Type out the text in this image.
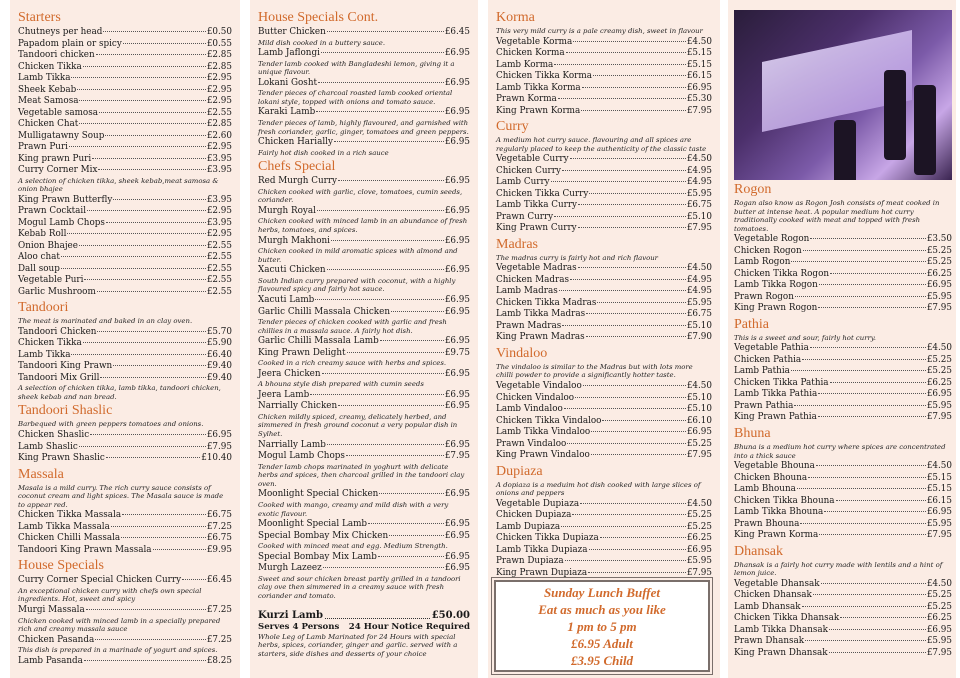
Starters
Chutneys per head	£0.50
Papadom plain or spicy	£0.55
Tandoori chicken	£2.85
Chicken Tikka	£2.85
Lamb Tikka	£2.95
Sheek Kebab	£2.95
Meat Samosa	£2.95
Vegetable samosa	£2.55
Chicken Chat	£2.85
Mulligatawny Soup	£2.60
Prawn Puri	£2.95
King prawn Puri	£3.95
Curry Corner Mix	£3.95
A selection of chicken tikka, sheek kebab,meat samosa & onion bhajee
King Prawn Butterfly	£3.95
Prawn Cocktail	£2.95
Mogul Lamb Chops	£3.95
Kebab Roll	£2.95
Onion Bhajee	£2.55
Aloo chat	£2.55
Dall soup	£2.55
Vegetable Puri	£2.55
Garlic Mushroom	£2.55
Tandoori
The meat is marinated and baked in an clay oven.
Tandoori Chicken	£5.70
Chicken Tikka	£5.90
Lamb Tikka	£6.40
Tandoori King Prawn	£9.40
Tandoori Mix Grill	£9.40
A selection of chicken tikka, lamb tikka, tandoori chicken, sheek kebab and nan bread.
Tandoori Shaslic
Barbequed with green peppers tomatoes and onions.
Chicken Shaslic	£6.95
Lamb Shaslic	£7.95
King Prawn Shaslic	£10.40
Massala
Masala is a mild curry. The rich curry sauce consists of coconut cream and light spices. The Masala sauce is made to appear red.
Chicken Tikka Massala	£6.75
Lamb Tikka Massala	£7.25
Chicken Chilli Massala	£6.75
Tandoori King Prawn Massala	£9.95
House Specials
Curry Corner Special Chicken Curry	£6.45
An exceptional chicken curry with chefs own special ingredients. Hot, sweet and spicy
Murgi Massala	£7.25
Chicken cooked with minced lamb in a specially prepared rich and creamy massala sauce
Chicken Pasanda	£7.25
This dish is prepared in a marinade of yogurt and spices.
Lamb Pasanda	£8.25
House Specials Cont.
Butter Chicken	£6.45
Mild dish cooked in a buttery sauce.
Lamb Jaflongi	£6.95
Tender lamb cooked with Bangladeshi lemon, giving it a unique flavour.
Lokani Gosht	£6.95
Tender pieces of charcoal roasted lamb cooked oriental lokani style, topped with onions and tomato sauce.
Karaki Lamb	£6.95
Tender pieces of lamb, highly flavoured, and garnished with fresh coriander, garlic, ginger, tomatoes and green peppers.
Chicken Harially	£6.95
Fairly hot dish cooked in a rich sauce
Chefs Special
Red Murgh Curry	£6.95
Chicken cooked with garlic, clove, tomatoes, cumin seeds, coriander.
Murgh Royal	£6.95
Chicken cooked with minced lamb in an abundance of fresh herbs, tomatoes, and spices.
Murgh Makhoni	£6.95
Chicken cooked in mild aromatic spices with almond and butter.
Xacuti Chicken	£6.95
South Indian curry prepared with coconut, with a highly flavoured spicy and fairly hot sauce.
Xacuti Lamb	£6.95
Garlic Chilli Massala Chicken	£6.95
Tender pieces of chicken cooked with garlic and fresh chillies in a massala sauce. A fairly hot dish.
Garlic Chilli Massala Lamb	£6.95
King Prawn Delight	£9.75
Cooked in a rich creamy sauce with herbs and spices.
Jeera Chicken	£6.95
A bhouna style dish prepared with cumin seeds
Jeera Lamb	£6.95
Narrially Chicken	£6.95
Chicken mildly spiced, creamy, delicately herbed, and simmered in fresh ground coconut a very popular dish in Sylhet.
Narrially Lamb	£6.95
Mogul Lamb Chops	£7.95
Tender lamb chops marinated in yoghurt with delicate herbs and spices, then charcoal grilled in the tandoori clay oven.
Moonlight Special Chicken	£6.95
Cooked with mango, creamy and mild dish with a very exotic flavour.
Moonlight Special Lamb	£6.95
Special Bombay Mix Chicken	£6.95
Cooked with minced meat and egg. Medium Strength.
Special Bombay Mix Lamb	£6.95
Murgh Lazeez	£6.95
Sweet and sour chicken breast partly grilled in a tandoori clay ove then simmered in a creamy sauce with fresh coriander and tomato.
Kurzi Lamb	£50.00
Serves 4 Persons 24 Hour Notice Required
Whole Leg of Lamb Marinated for 24 Hours with special herbs, spices, coriander, ginger and garlic. served with a starters, side dishes and desserts of your choice
Korma
This very mild curry is a pale creamy dish, sweet in flavour
Vegetable Korma	£4.50
Chicken Korma	£5.15
Lamb Korma	£5.15
Chicken Tikka Korma	£6.15
Lamb Tikka Korma	£6.95
Prawn Korma	£5.30
King Prawn Korma	£7.95
Curry
A medium hot curry sauce. flavouring and all spices are regularly placed to keep the authenticity of the classic taste
Vegetable Curry	£4.50
Chicken Curry	£4.95
Lamb Curry	£4.95
Chicken Tikka Curry	£5.95
Lamb Tikka Curry	£6.75
Prawn Curry	£5.10
King Prawn Curry	£7.95
Madras
The madras curry is fairly hot and rich flavour
Vegetable Madras	£4.50
Chicken Madras	£4.95
Lamb Madras	£4.95
Chicken Tikka Madras	£5.95
Lamb Tikka Madras	£6.75
Prawn Madras	£5.10
King Prawn Madras	£7.90
Vindaloo
The vindaloo is similar to the Madras but with lots more chilli powder to provide a significantly hotter taste.
Vegetable Vindaloo	£4.50
Chicken Vindaloo	£5.10
Lamb Vindaloo	£5.10
Chicken Tikka Vindaloo	£6.10
Lamb Tikka Vindaloo	£6.95
Prawn Vindaloo	£5.25
King Prawn Vindaloo	£7.95
Dupiaza
A dopiaza is a meduim hot dish cooked with large slices of onions and peppers
Vegetable Dupiaza	£4.50
Chicken Dupiaza	£5.25
Lamb Dupiaza	£5.25
Chicken Tikka Dupiaza	£6.25
Lamb Tikka Dupiaza	£6.95
Prawn Dupiaza	£5.95
King Prawn Dupiaza	£7.95
Sunday Lunch Buffet
Eat as much as you like
1 pm to 5 pm
£6.95 Adult
£3.95 Child
Rogon
Rogan also know as Rogon Josh consists of meat cooked in butter at intense heat. A popular medium hot curry traditionally cooked with meat and topped with fresh tomatoes.
Vegetable Rogon	£3.50
Chicken Rogon	£5.25
Lamb Rogon	£5.25
Chicken Tikka Rogon	£6.25
Lamb Tikka Rogon	£6.95
Prawn Rogon	£5.95
King Prawn Rogon	£7.95
Pathia
This is a sweet and sour, fairly hot curry.
Vegetable Pathia	£4.50
Chicken Pathia	£5.25
Lamb Pathia	£5.25
Chicken Tikka Pathia	£6.25
Lamb Tikka Pathia	£6.95
Prawn Pathia	£5.95
King Prawn Pathia	£7.95
Bhuna
Bhuna is a medium hot curry where spices are concentrated into a thick sauce
Vegetable Bhouna	£4.50
Chicken Bhouna	£5.15
Lamb Bhouna	£5.15
Chicken Tikka Bhouna	£6.15
Lamb Tikka Bhouna	£6.95
Prawn Bhouna	£5.95
King Prawn Korma	£7.95
Dhansak
Dhansak is a fairly hot curry made with lentils and a hint of lemon juice.
Vegetable Dhansak	£4.50
Chicken Dhansak	£5.25
Lamb Dhansak	£5.25
Chicken Tikka Dhansak	£6.25
Lamb Tikka Dhansak	£6.95
Prawn Dhansak	£5.95
King Prawn Dhansak	£7.95
